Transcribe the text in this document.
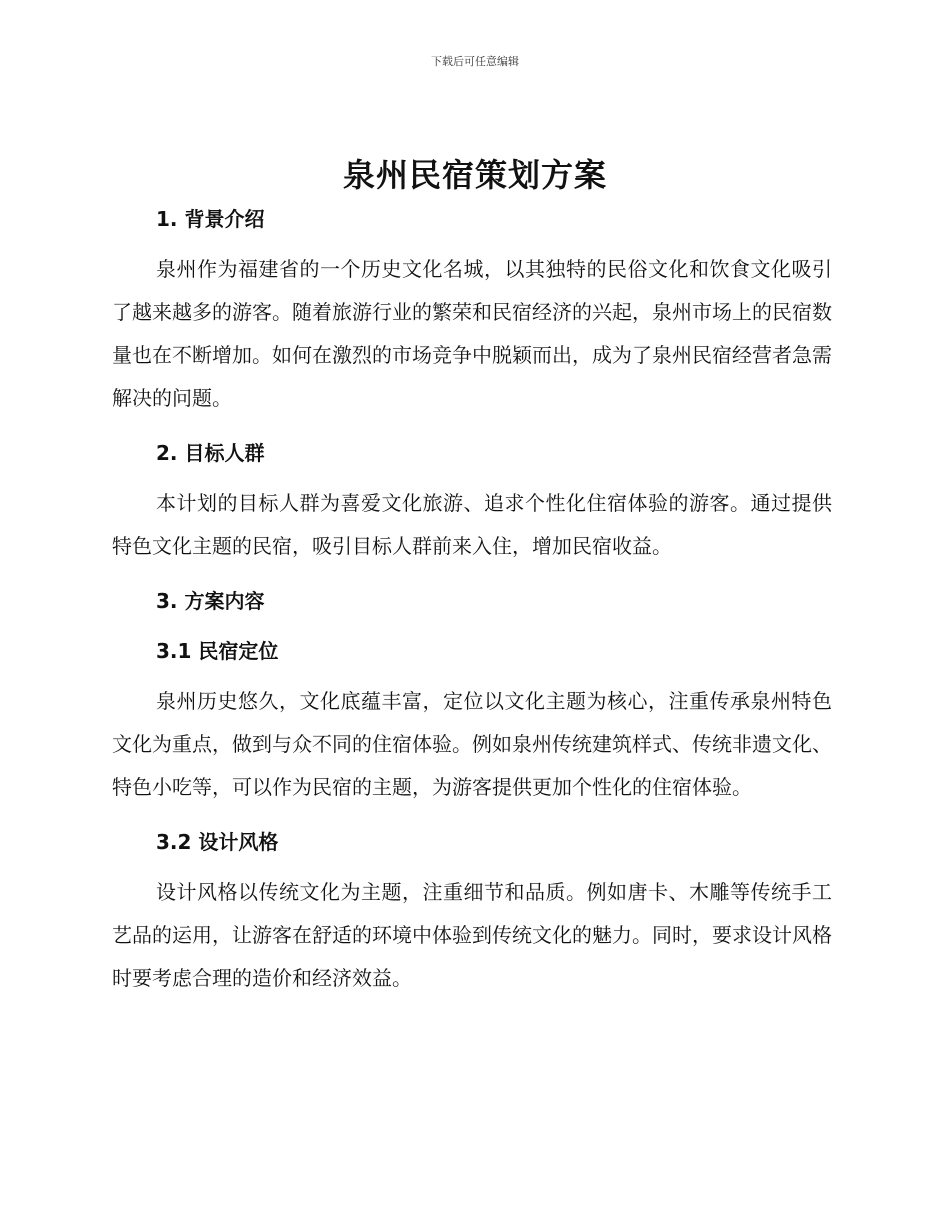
下载后可任意编辑
泉州民宿策划方案
1. 背景介绍

泉州作为福建省的一个历史文化名城，以其独特的民俗文化和饮食文化吸引了越来越多的游客。随着旅游行业的繁荣和民宿经济的兴起，泉州市场上的民宿数量也在不断增加。如何在激烈的市场竞争中脱颖而出，成为了泉州民宿经营者急需解决的问题。

2. 目标人群

本计划的目标人群为喜爱文化旅游、追求个性化住宿体验的游客。通过提供特色文化主题的民宿，吸引目标人群前来入住，增加民宿收益。

3. 方案内容
3.1 民宿定位

泉州历史悠久，文化底蕴丰富，定位以文化主题为核心，注重传承泉州特色文化为重点，做到与众不同的住宿体验。例如泉州传统建筑样式、传统非遗文化、特色小吃等，可以作为民宿的主题，为游客提供更加个性化的住宿体验。

3.2 设计风格

设计风格以传统文化为主题，注重细节和品质。例如唐卡、木雕等传统手工艺品的运用，让游客在舒适的环境中体验到传统文化的魅力。同时，要求设计风格时要考虑合理的造价和经济效益。
